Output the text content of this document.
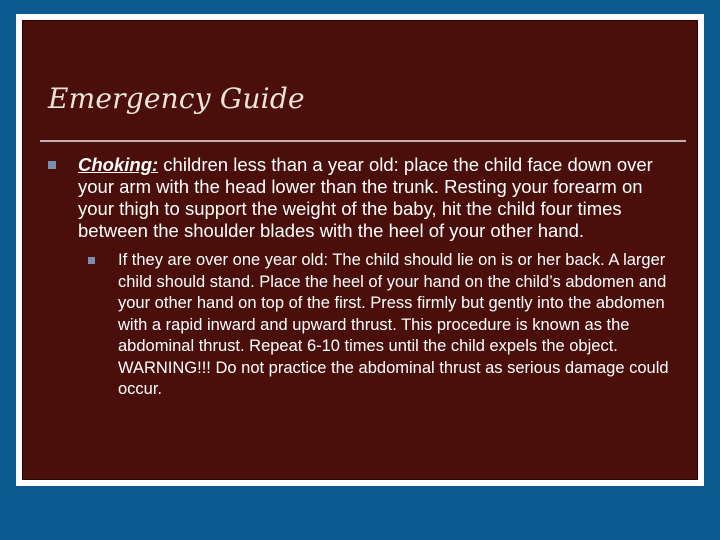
Emergency Guide
Choking: children less than a year old: place the child face down over your arm with the head lower than the trunk. Resting your forearm on your thigh to support the weight of the baby, hit the child four times between the shoulder blades with the heel of your other hand.
If they are over one year old: The child should lie on is or her back. A larger child should stand. Place the heel of your hand on the child’s abdomen and your other hand on top of the first. Press firmly but gently into the abdomen with a rapid inward and upward thrust. This procedure is known as the abdominal thrust. Repeat 6-10 times until the child expels the object. WARNING!!! Do not practice the abdominal thrust as serious damage could occur.
